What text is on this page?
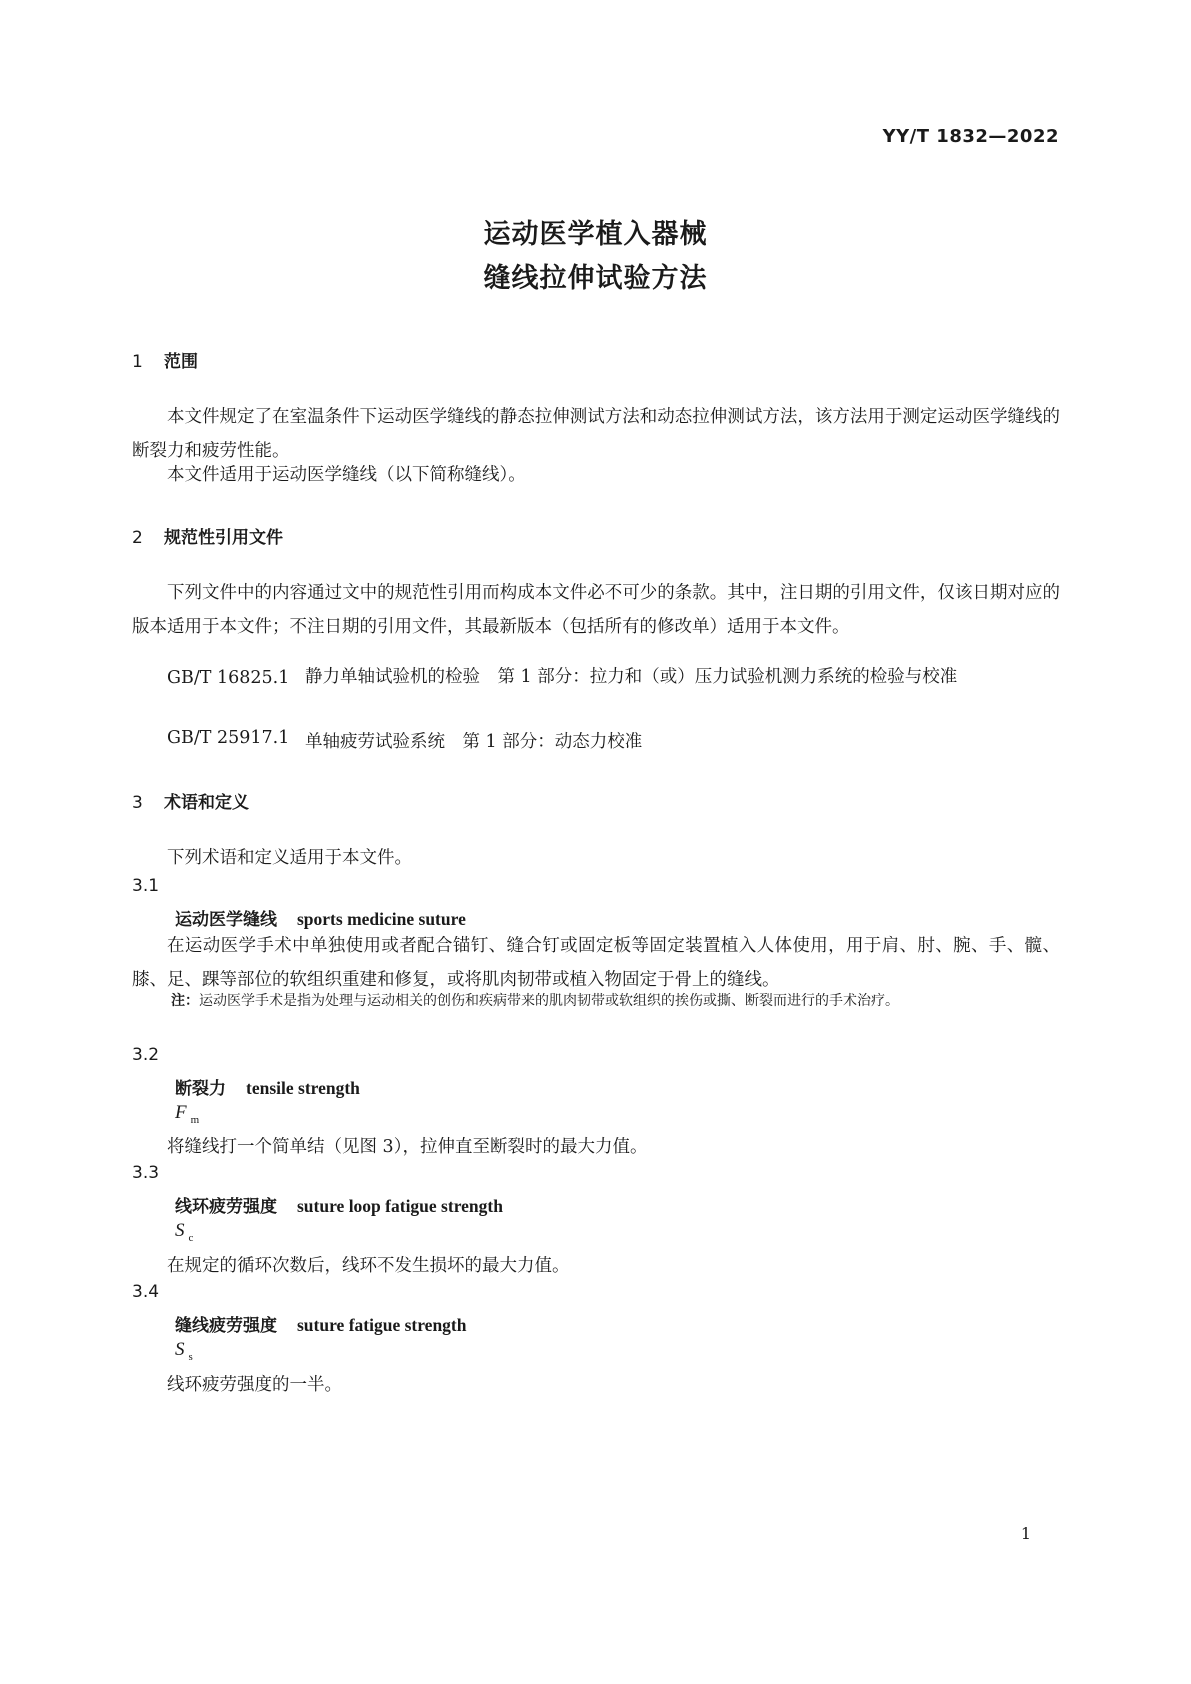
YY/T 1832—2022
运动医学植入器械
缝线拉伸试验方法
1 范围
本文件规定了在室温条件下运动医学缝线的静态拉伸测试方法和动态拉伸测试方法，该方法用于测定运动医学缝线的断裂力和疲劳性能。
本文件适用于运动医学缝线（以下简称缝线）。
2 规范性引用文件
下列文件中的内容通过文中的规范性引用而构成本文件必不可少的条款。其中，注日期的引用文件，仅该日期对应的版本适用于本文件；不注日期的引用文件，其最新版本（包括所有的修改单）适用于本文件。
GB/T 16825.1 静力单轴试验机的检验　第 1 部分：拉力和（或）压力试验机测力系统的检验与校准
GB/T 25917.1 单轴疲劳试验系统　第 1 部分：动态力校准
3 术语和定义
下列术语和定义适用于本文件。
3.1
运动医学缝线 sports medicine suture
在运动医学手术中单独使用或者配合锚钉、缝合钉或固定板等固定装置植入人体使用，用于肩、肘、腕、手、髋、膝、足、踝等部位的软组织重建和修复，或将肌肉韧带或植入物固定于骨上的缝线。
注：运动医学手术是指为处理与运动相关的创伤和疾病带来的肌肉韧带或软组织的挨伤或撕、断裂而进行的手术治疗。
3.2
断裂力 tensile strength
F $_m$
将缝线打一个简单结（见图 3），拉伸直至断裂时的最大力值。
3.3
线环疲劳强度 suture loop fatigue strength
S $_c$
在规定的循环次数后，线环不发生损坏的最大力值。
3.4
缝线疲劳强度 suture fatigue strength
S $_s$
线环疲劳强度的一半。
1
